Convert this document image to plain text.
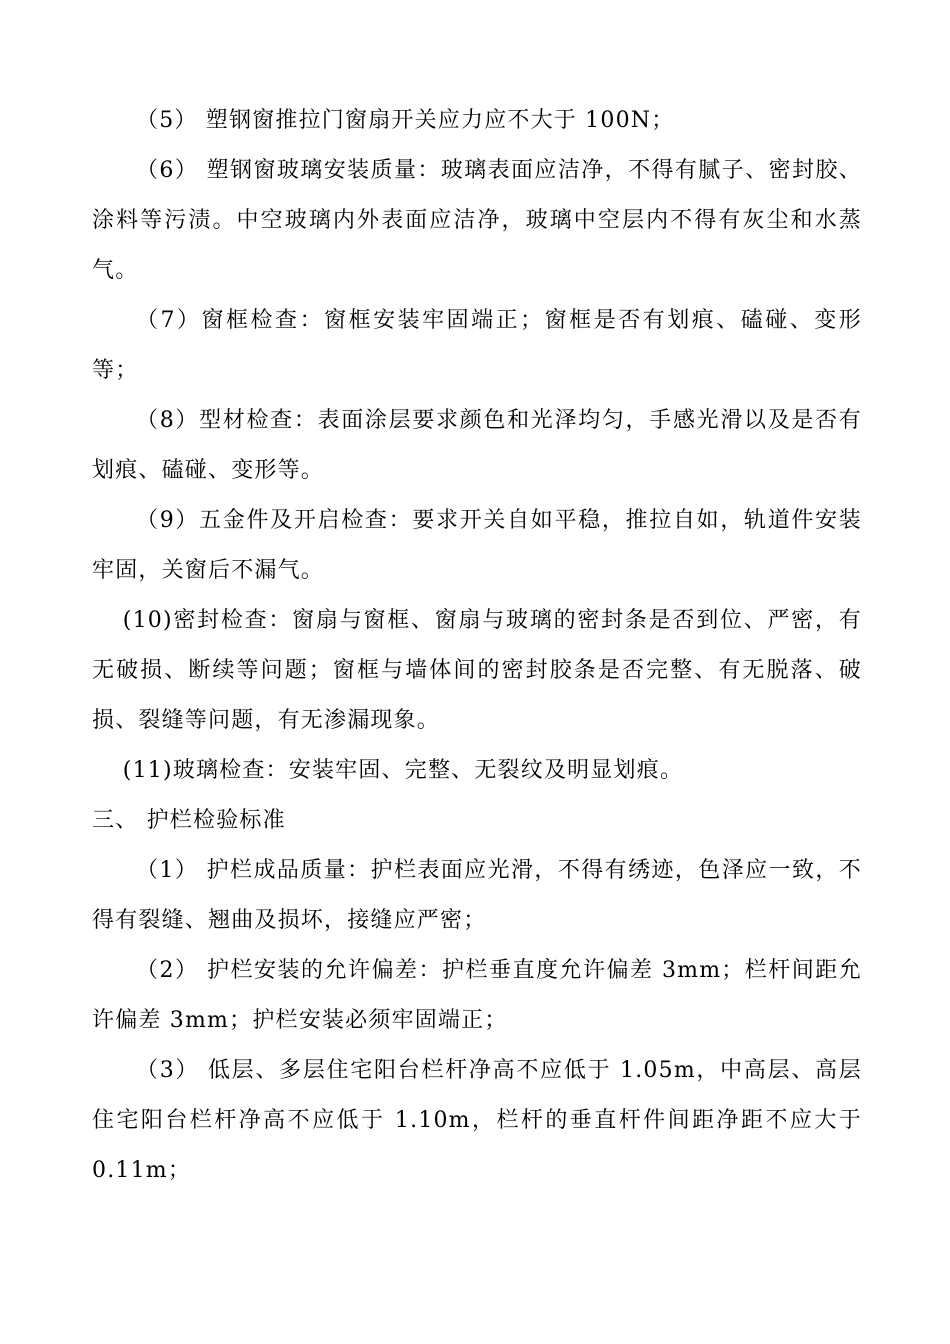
（5） 塑钢窗推拉门窗扇开关应力应不大于 100N；

（6） 塑钢窗玻璃安装质量：玻璃表面应洁净，不得有腻子、密封胶、涂料等污渍。中空玻璃内外表面应洁净，玻璃中空层内不得有灰尘和水蒸气。

（7）窗框检查：窗框安装牢固端正；窗框是否有划痕、磕碰、变形等；

（8）型材检查：表面涂层要求颜色和光泽均匀，手感光滑以及是否有划痕、磕碰、变形等。

（9）五金件及开启检查：要求开关自如平稳，推拉自如，轨道件安装牢固，关窗后不漏气。

(10)密封检查：窗扇与窗框、窗扇与玻璃的密封条是否到位、严密，有无破损、断续等问题；窗框与墙体间的密封胶条是否完整、有无脱落、破损、裂缝等问题，有无渗漏现象。

(11)玻璃检查：安装牢固、完整、无裂纹及明显划痕。

三、 护栏检验标准

（1） 护栏成品质量：护栏表面应光滑，不得有绣迹，色泽应一致，不得有裂缝、翘曲及损坏，接缝应严密；

（2） 护栏安装的允许偏差：护栏垂直度允许偏差 3mm；栏杆间距允许偏差 3mm；护栏安装必须牢固端正；

（3） 低层、多层住宅阳台栏杆净高不应低于 1.05m，中高层、高层住宅阳台栏杆净高不应低于 1.10m，栏杆的垂直杆件间距净距不应大于 0.11m；
